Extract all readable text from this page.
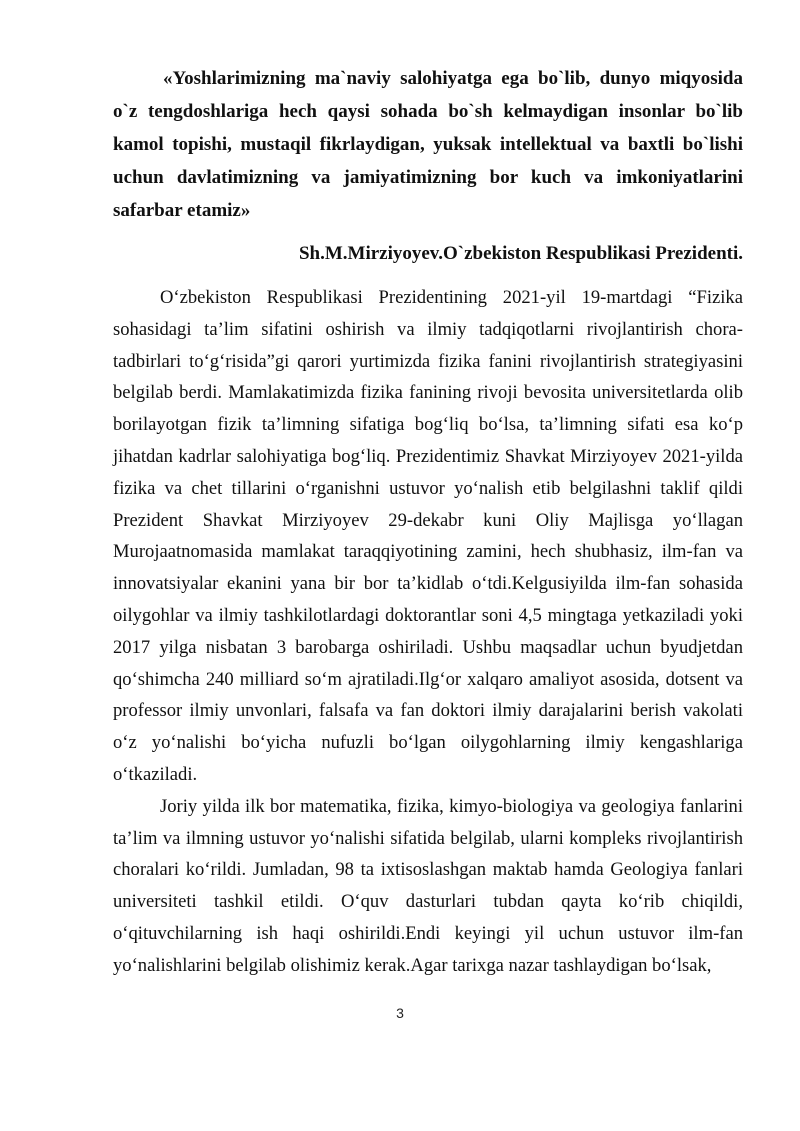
«Yoshlarimizning ma`naviy salohiyatga ega bo`lib, dunyo miqyosida o`z tengdoshlariga hech qaysi sohada bo`sh kelmaydigan insonlar bo`lib kamol topishi, mustaqil fikrlaydigan, yuksak intellektual va baxtli bo`lishi uchun davlatimizning va jamiyatimizning bor kuch va imkoniyatlarini safarbar etamiz»

Sh.M.Mirziyoyev.O`zbekiston Respublikasi Prezidenti.

O‘zbekiston Respublikasi Prezidentining 2021-yil 19-martdagi “Fizika sohasidagi ta’lim sifatini oshirish va ilmiy tadqiqotlarni rivojlantirish chora-tadbirlari to‘g‘risida”gi qarori yurtimizda fizika fanini rivojlantirish strategiyasini belgilab berdi. Mamlakatimizda fizika fanining rivoji bevosita universitetlarda olib borilayotgan fizik ta’limning sifatiga bog‘liq bo‘lsa, ta’limning sifati esa ko‘p jihatdan kadrlar salohiyatiga bog‘liq. Prezidentimiz Shavkat Mirziyoyev 2021-yilda fizika va chet tillarini o‘rganishni ustuvor yo‘nalish etib belgilashni taklif qildi Prezident Shavkat Mirziyoyev 29-dekabr kuni Oliy Majlisga yo‘llagan Murojaatnomasida mamlakat taraqqiyotining zamini, hech shubhasiz, ilm-fan va innovatsiyalar ekanini yana bir bor ta’kidlab o‘tdi.Kelgusiyilda ilm-fan sohasida oilygohlar va ilmiy tashkilotlardagi doktorantlar soni 4,5 mingtaga yetkaziladi yoki 2017 yilga nisbatan 3 barobarga oshiriladi. Ushbu maqsadlar uchun byudjetdan qo‘shimcha 240 milliard so‘m ajratiladi.Ilg‘or xalqaro amaliyot asosida, dotsent va professor ilmiy unvonlari, falsafa va fan doktori ilmiy darajalarini berish vakolati o‘z yo‘nalishi bo‘yicha nufuzli bo‘lgan oilygohlarning ilmiy kengashlariga o‘tkaziladi.

Joriy yilda ilk bor matematika, fizika, kimyo-biologiya va geologiya fanlarini ta’lim va ilmning ustuvor yo‘nalishi sifatida belgilab, ularni kompleks rivojlantirish choralari ko‘rildi. Jumladan, 98 ta ixtisoslashgan maktab hamda Geologiya fanlari universiteti tashkil etildi. O‘quv dasturlari tubdan qayta ko‘rib chiqildi, o‘qituvchilarning ish haqi oshirildi.Endi keyingi yil uchun ustuvor ilm-fan yo‘nalishlarini belgilab olishimiz kerak.Agar tarixga nazar tashlaydigan bo‘lsak,

3
